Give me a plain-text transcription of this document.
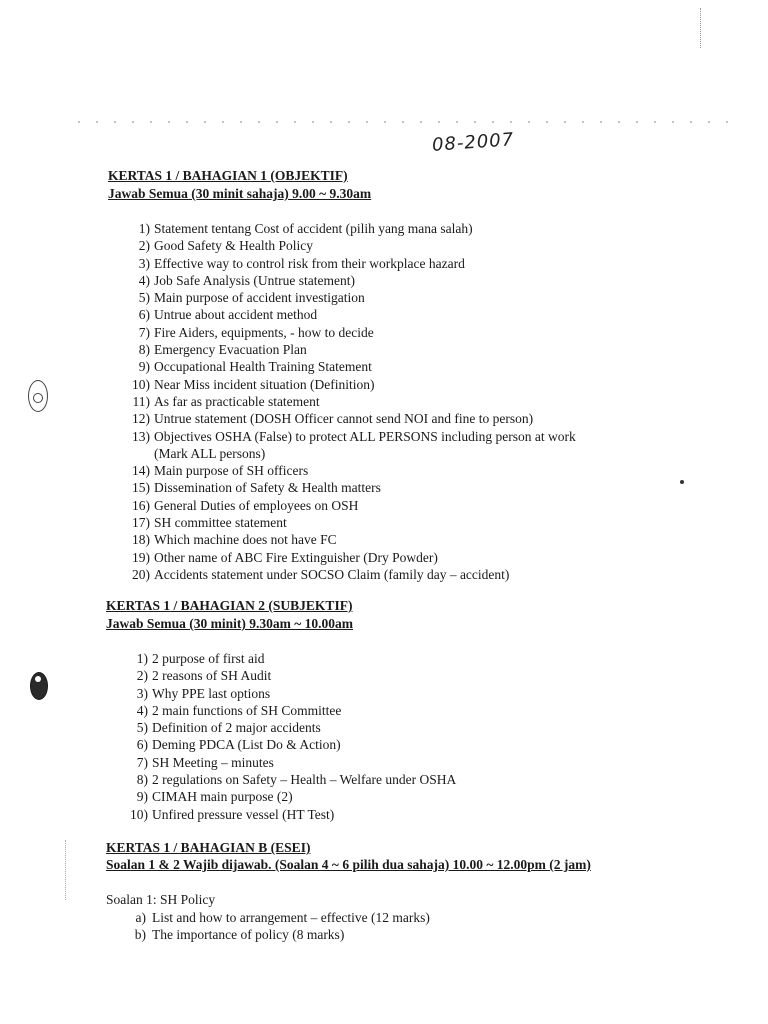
08-2007
KERTAS 1 / BAHAGIAN 1 (OBJEKTIF)
Jawab Semua (30 minit sahaja) 9.00 ~ 9.30am
1) Statement tentang Cost of accident (pilih yang mana salah)
2) Good Safety & Health Policy
3) Effective way to control risk from their workplace hazard
4) Job Safe Analysis (Untrue statement)
5) Main purpose of accident investigation
6) Untrue about accident method
7) Fire Aiders, equipments, - how to decide
8) Emergency Evacuation Plan
9) Occupational Health Training Statement
10) Near Miss incident situation (Definition)
11) As far as practicable statement
12) Untrue statement (DOSH Officer cannot send NOI and fine to person)
13) Objectives OSHA (False) to protect ALL PERSONS including person at work
(Mark ALL persons)
14) Main purpose of SH officers
15) Dissemination of Safety & Health matters
16) General Duties of employees on OSH
17) SH committee statement
18) Which machine does not have FC
19) Other name of ABC Fire Extinguisher (Dry Powder)
20) Accidents statement under SOCSO Claim (family day – accident)
KERTAS 1 / BAHAGIAN 2 (SUBJEKTIF)
Jawab Semua (30 minit) 9.30am ~ 10.00am
1) 2 purpose of first aid
2) 2 reasons of SH Audit
3) Why PPE last options
4) 2 main functions of SH Committee
5) Definition of 2 major accidents
6) Deming PDCA (List Do & Action)
7) SH Meeting – minutes
8) 2 regulations on Safety – Health – Welfare under OSHA
9) CIMAH main purpose (2)
10) Unfired pressure vessel (HT Test)
KERTAS 1 / BAHAGIAN B (ESEI)
Soalan 1 & 2 Wajib dijawab. (Soalan 4 ~ 6 pilih dua sahaja) 10.00 ~ 12.00pm (2 jam)
Soalan 1: SH Policy
a) List and how to arrangement – effective (12 marks)
b) The importance of policy (8 marks)
